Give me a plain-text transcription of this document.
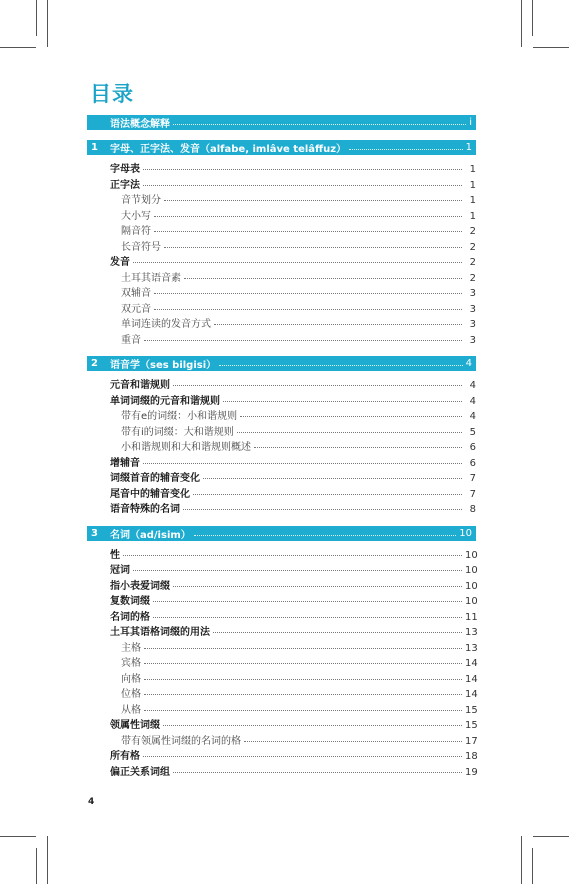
目录
语法概念解释	i
1	字母、正字法、发音（alfabe, imlâve telâffuz）	1
字母表	1
正字法	1
音节划分	1
大小写	1
隔音符	2
长音符号	2
发音	2
土耳其语音素	2
双辅音	3
双元音	3
单词连读的发音方式	3
重音	3
2	语音学（ses bilgisi）	4
元音和谐规则	4
单词词缀的元音和谐规则	4
带有e的词缀：小和谐规则	4
带有i的词缀：大和谐规则	5
小和谐规则和大和谐规则概述	6
增辅音	6
词缀首音的辅音变化	7
尾音中的辅音变化	7
语音特殊的名词	8
3	名词（ad/isim）	10
性	10
冠词	10
指小表爱词缀	10
复数词缀	10
名词的格	11
土耳其语格词缀的用法	13
主格	13
宾格	14
向格	14
位格	14
从格	15
领属性词缀	15
带有领属性词缀的名词的格	17
所有格	18
偏正关系词组	19
4
